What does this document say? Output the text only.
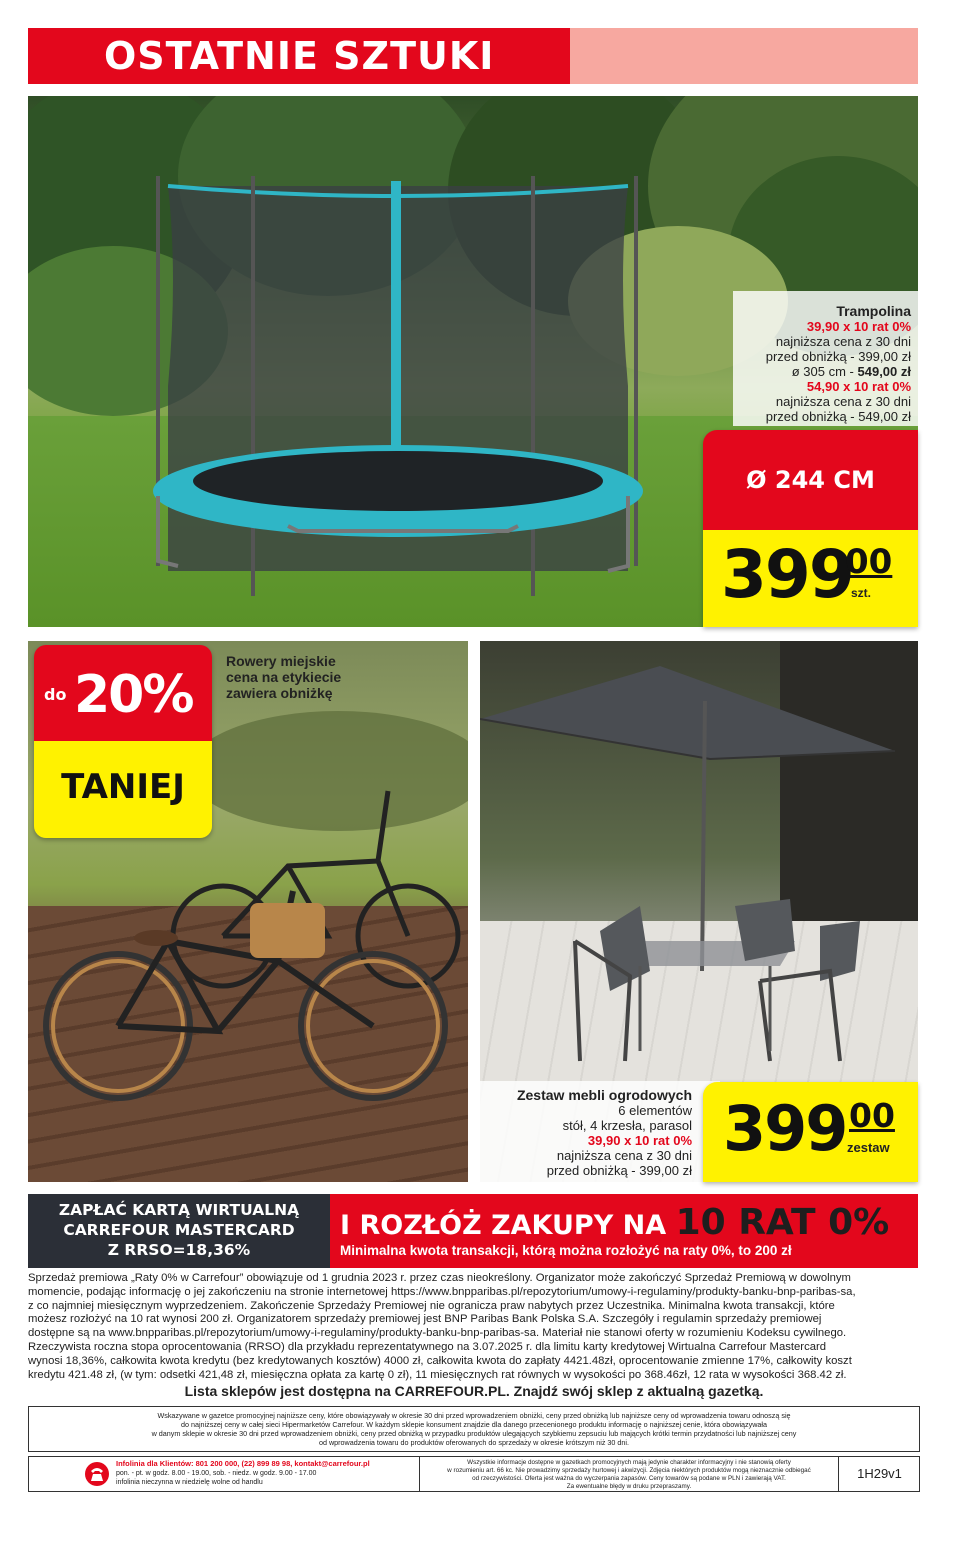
OSTATNIE SZTUKI
Trampolina
39,90 x 10 rat 0%
najniższa cena z 30 dni
przed obniżką - 399,00 zł
ø 305 cm - 549,00 zł
54,90 x 10 rat 0%
najniższa cena z 30 dni
przed obniżką - 549,00 zł
Ø 244 CM
399
00
szt.
do 20%
TANIEJ
Rowery miejskie
cena na etykiecie
zawiera obniżkę
Zestaw mebli ogrodowych
6 elementów
stół, 4 krzesła, parasol
39,90 x 10 rat 0%
najniższa cena z 30 dni
przed obniżką - 399,00 zł
399 00
zestaw
ZAPŁAĆ KARTĄ WIRTUALNĄ
CARREFOUR MASTERCARD
Z RRSO=18,36%
I ROZŁÓŻ ZAKUPY NA 10 RAT 0%
Minimalna kwota transakcji, którą można rozłożyć na raty 0%, to 200 zł
Sprzedaż premiowa „Raty 0% w Carrefour” obowiązuje od 1 grudnia 2023 r. przez czas nieokreślony. Organizator może zakończyć Sprzedaż Premiową w dowolnym
momencie, podając informację o jej zakończeniu na stronie internetowej https://www.bnpparibas.pl/repozytorium/umowy-i-regulaminy/produkty-banku-bnp-paribas-sa,
z co najmniej miesięcznym wyprzedzeniem. Zakończenie Sprzedaży Premiowej nie ogranicza praw nabytych przez Uczestnika. Minimalna kwota transakcji, które
możesz rozłożyć na 10 rat wynosi 200 zł. Organizatorem sprzedaży premiowej jest BNP Paribas Bank Polska S.A. Szczegóły i regulamin sprzedaży premiowej
dostępne są na www.bnpparibas.pl/repozytorium/umowy-i-regulaminy/produkty-banku-bnp-paribas-sa. Materiał nie stanowi oferty w rozumieniu Kodeksu cywilnego.
Rzeczywista roczna stopa oprocentowania (RRSO) dla przykładu reprezentatywnego na 3.07.2025 r. dla limitu karty kredytowej Wirtualna Carrefour Mastercard
wynosi 18,36%, całkowita kwota kredytu (bez kredytowanych kosztów) 4000 zł, całkowita kwota do zapłaty 4421.48zł, oprocentowanie zmienne 17%, całkowity koszt
kredytu 421.48 zł, (w tym: odsetki 421,48 zł, miesięczna opłata za kartę 0 zł), 11 miesięcznych rat równych w wysokości po 368.46zł, 12 rata w wysokości 368.42 zł.
Lista sklepów jest dostępna na CARREFOUR.PL. Znajdź swój sklep z aktualną gazetką.
Wskazywane w gazetce promocyjnej najniższe ceny, które obowiązywały w okresie 30 dni przed wprowadzeniem obniżki, ceny przed obniżką lub najniższe ceny od wprowadzenia towaru odnoszą się
do najniższej ceny w całej sieci Hipermarketów Carrefour. W każdym sklepie konsument znajdzie dla danego przecenionego produktu informację o najniższej cenie, która obowiązywała
w danym sklepie w okresie 30 dni przed wprowadzeniem obniżki, ceny przed obniżką w przypadku produktów ulegających szybkiemu zepsuciu lub mających krótki termin przydatności lub najniższej ceny
od wprowadzenia towaru do produktów oferowanych do sprzedaży w okresie krótszym niż 30 dni.
Infolinia dla Klientów: 801 200 000, (22) 899 89 98, kontakt@carrefour.pl
pon. - pt. w godz. 8.00 - 19.00, sob. - niedz. w godz. 9.00 - 17.00
infolinia nieczynna w niedzielę wolne od handlu
Wszystkie informacje dostępne w gazetkach promocyjnych mają jedynie charakter informacyjny i nie stanowią oferty
w rozumieniu art. 66 kc. Nie prowadzimy sprzedaży hurtowej i akwizycji. Zdjęcia niektórych produktów mogą nieznacznie odbiegać
od rzeczywistości. Oferta jest ważna do wyczerpania zapasów. Ceny towarów są podane w PLN i zawierają VAT.
Za ewentualne błędy w druku przepraszamy.
1H29v1
